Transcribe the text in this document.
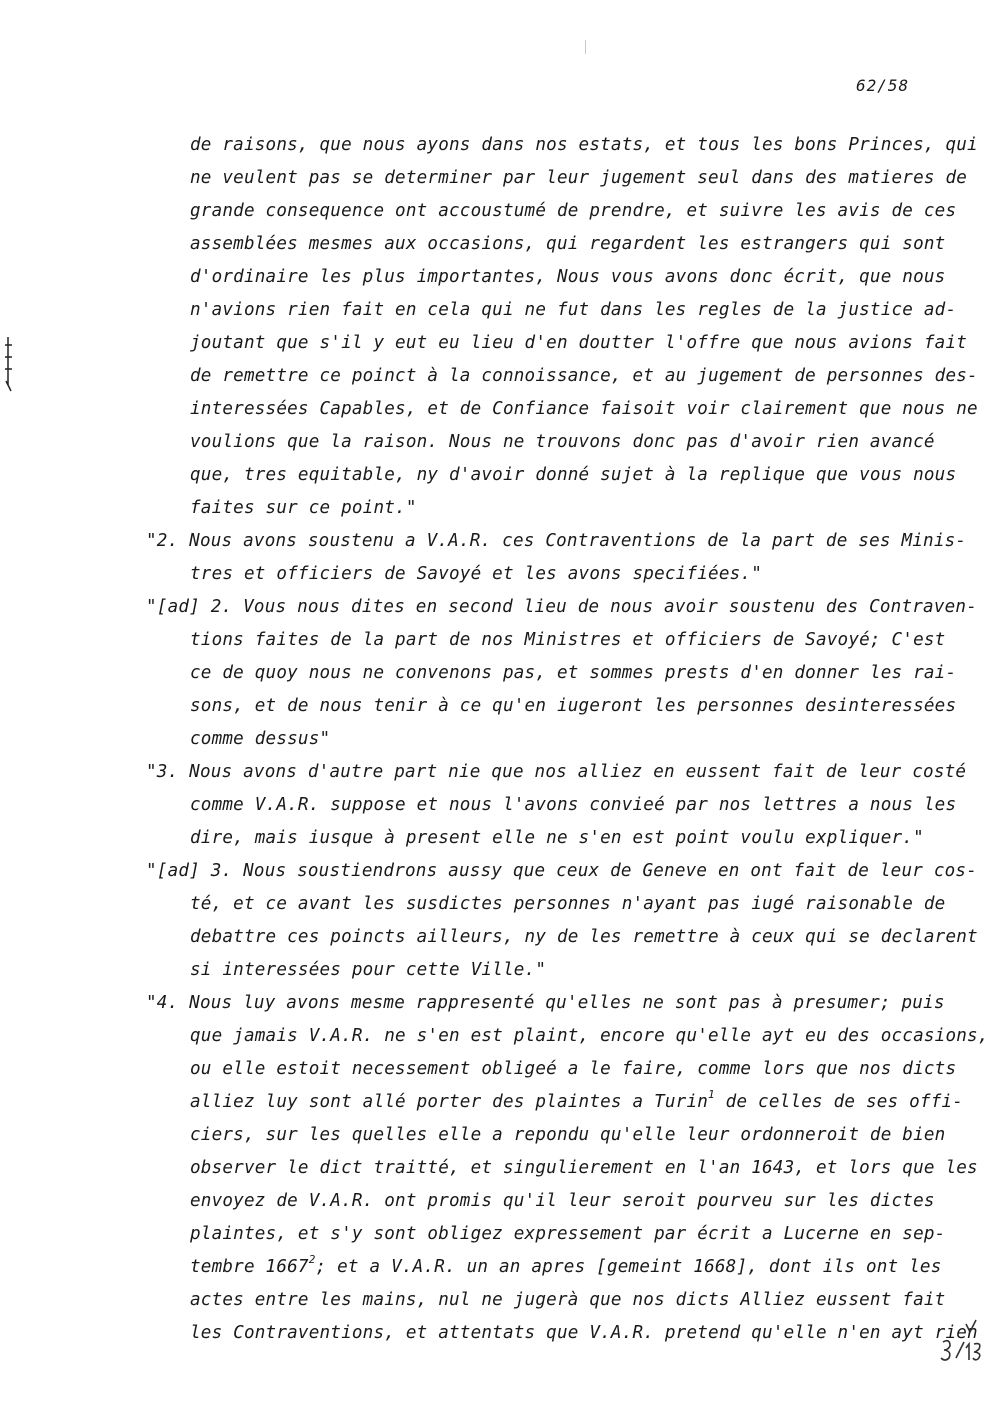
62/58
de raisons, que nous ayons dans nos estats, et tous les bons Princes, qui
ne veulent pas se determiner par leur jugement seul dans des matieres de
grande consequence ont accoustumé de prendre, et suivre les avis de ces
assemblées mesmes aux occasions, qui regardent les estrangers qui sont
d'ordinaire les plus importantes, Nous vous avons donc écrit, que nous
n'avions rien fait en cela qui ne fut dans les regles de la justice ad-
joutant que s'il y eut eu lieu d'en doutter l'offre que nous avions fait
de remettre ce poinct à la connoissance, et au jugement de personnes des-
interessées Capables, et de Confiance faisoit voir clairement que nous ne
voulions que la raison. Nous ne trouvons donc pas d'avoir rien avancé
que, tres equitable, ny d'avoir donné sujet à la replique que vous nous
faites sur ce point."
"2. Nous avons soustenu a V.A.R. ces Contraventions de la part de ses Minis-
tres et officiers de Savoyé et les avons specifiées."
"[ad] 2. Vous nous dites en second lieu de nous avoir soustenu des Contraven-
tions faites de la part de nos Ministres et officiers de Savoyé; C'est
ce de quoy nous ne convenons pas, et sommes prests d'en donner les rai-
sons, et de nous tenir à ce qu'en iugeront les personnes desinteressées
comme dessus"
"3. Nous avons d'autre part nie que nos alliez en eussent fait de leur costé
comme V.A.R. suppose et nous l'avons convieé par nos lettres a nous les
dire, mais iusque à present elle ne s'en est point voulu expliquer."
"[ad] 3. Nous soustiendrons aussy que ceux de Geneve en ont fait de leur cos-
té, et ce avant les susdictes personnes n'ayant pas iugé raisonable de
debattre ces poincts ailleurs, ny de les remettre à ceux qui se declarent
si interessées pour cette Ville."
"4. Nous luy avons mesme rappresenté qu'elles ne sont pas à presumer; puis
que jamais V.A.R. ne s'en est plaint, encore qu'elle ayt eu des occasions,
ou elle estoit necessement obligeé a le faire, comme lors que nos dicts
alliez luy sont allé porter des plaintes a Turin$^1$ de celles de ses offi-
ciers, sur les quelles elle a repondu qu'elle leur ordonneroit de bien
observer le dict traitté, et singulierement en l'an 1643, et lors que les
envoyez de V.A.R. ont promis qu'il leur seroit pourveu sur les dictes
plaintes, et s'y sont obligez expressement par écrit a Lucerne en sep-
tembre 1667$^2$; et a V.A.R. un an apres [gemeint 1668], dont ils ont les
actes entre les mains, nul ne jugerà que nos dicts Alliez eussent fait
les Contraventions, et attentats que V.A.R. pretend qu'elle n'en ayt rien
